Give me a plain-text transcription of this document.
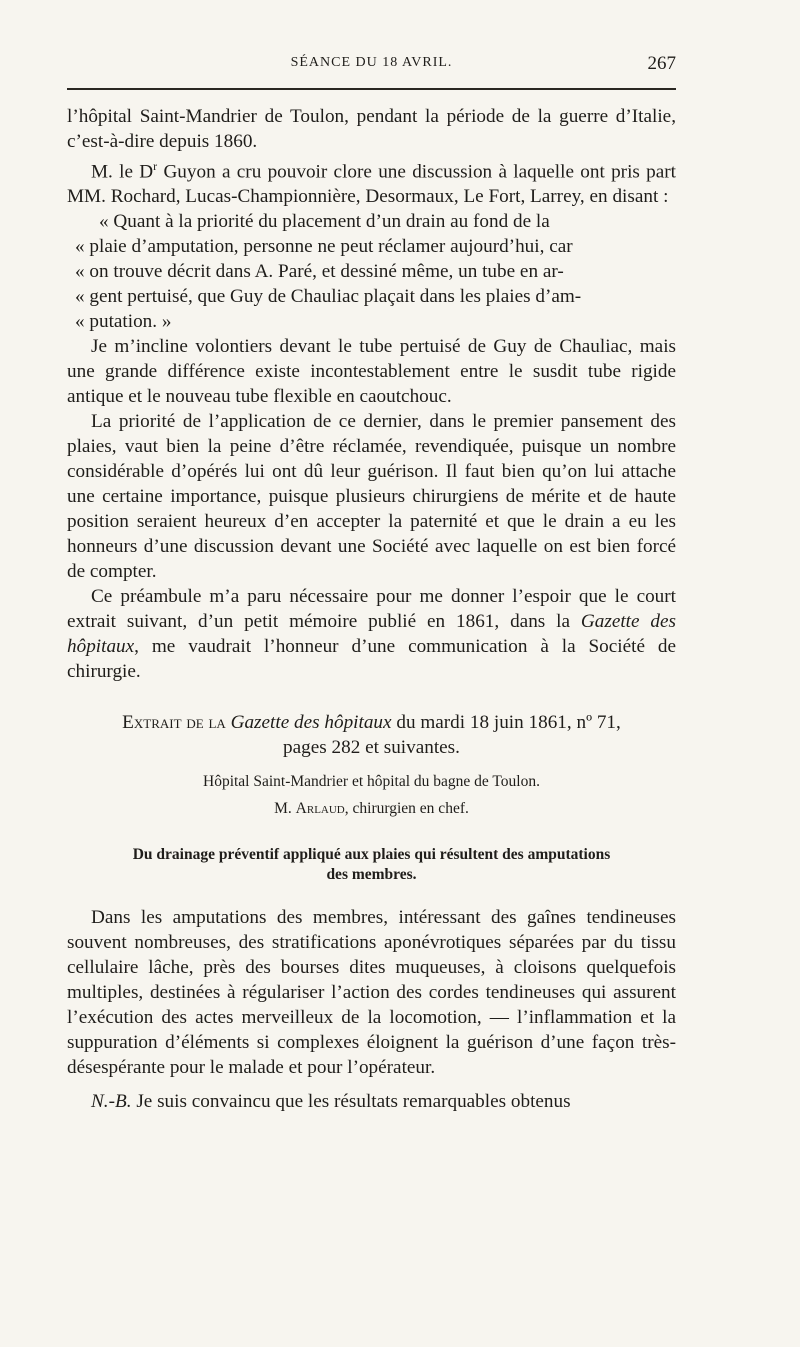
SÉANCE DU 18 AVRIL.	267

l’hôpital Saint-Mandrier de Toulon, pendant la période de la guerre d’Italie, c’est-à-dire depuis 1860.

M. le $D^r$ Guyon a cru pouvoir clore une discussion à laquelle ont pris part MM. Rochard, Lucas-Championnière, Desormaux, Le Fort, Larrey, en disant :

« Quant à la priorité du placement d’un drain au fond de la

« plaie d’amputation, personne ne peut réclamer aujourd’hui, car

« on trouve décrit dans A. Paré, et dessiné même, un tube en ar-

« gent pertuisé, que Guy de Chauliac plaçait dans les plaies d’am-

« putation. »

Je m’incline volontiers devant le tube pertuisé de Guy de Chauliac, mais une grande différence existe incontestablement entre le susdit tube rigide antique et le nouveau tube flexible en caoutchouc.

La priorité de l’application de ce dernier, dans le premier pansement des plaies, vaut bien la peine d’être réclamée, revendiquée, puisque un nombre considérable d’opérés lui ont dû leur guérison. Il faut bien qu’on lui attache une certaine importance, puisque plusieurs chirurgiens de mérite et de haute position seraient heureux d’en accepter la paternité et que le drain a eu les honneurs d’une discussion devant une Société avec laquelle on est bien forcé de compter.

Ce préambule m’a paru nécessaire pour me donner l’espoir que le court extrait suivant, d’un petit mémoire publié en 1861, dans la Gazette des hôpitaux, me vaudrait l’honneur d’une communication à la Société de chirurgie.

Extrait de la Gazette des hôpitaux du mardi 18 juin 1861, nº 71,

pages 282 et suivantes.

Hôpital Saint-Mandrier et hôpital du bagne de Toulon.

M. Arlaud, chirurgien en chef.

Du drainage préventif appliqué aux plaies qui résultent des amputations

des membres.

Dans les amputations des membres, intéressant des gaînes tendineuses souvent nombreuses, des stratifications aponévrotiques séparées par du tissu cellulaire lâche, près des bourses dites muqueuses, à cloisons quelquefois multiples, destinées à régulariser l’action des cordes tendineuses qui assurent l’exécution des actes merveilleux de la locomotion, — l’inflammation et la suppuration d’éléments si complexes éloignent la guérison d’une façon très-désespérante pour le malade et pour l’opérateur.

N.-B. Je suis convaincu que les résultats remarquables obtenus
